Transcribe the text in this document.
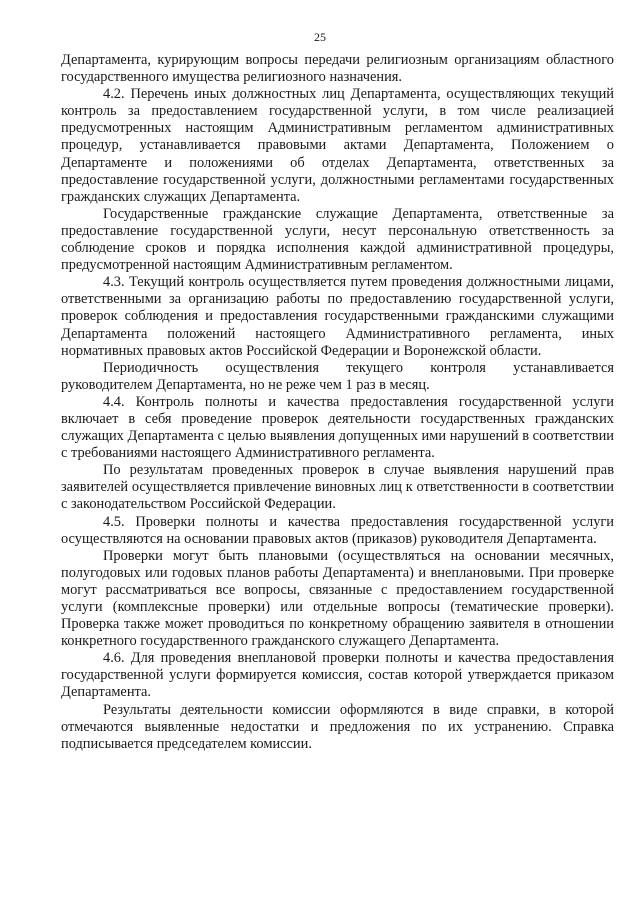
25

Департамента, курирующим вопросы передачи религиозным организациям областного государственного имущества религиозного назначения.

4.2. Перечень иных должностных лиц Департамента, осуществляющих текущий контроль за предоставлением государственной услуги, в том числе реализацией предусмотренных настоящим Административным регламентом административных процедур, устанавливается правовыми актами Департамента, Положением о Департаменте и положениями об отделах Департамента, ответственных за предоставление государственной услуги, должностными регламентами государственных гражданских служащих Департамента.

Государственные гражданские служащие Департамента, ответственные за предоставление государственной услуги, несут персональную ответственность за соблюдение сроков и порядка исполнения каждой административной процедуры, предусмотренной настоящим Административным регламентом.

4.3. Текущий контроль осуществляется путем проведения должностными лицами, ответственными за организацию работы по предоставлению государственной услуги, проверок соблюдения и предоставления государственными гражданскими служащими Департамента положений настоящего Административного регламента, иных нормативных правовых актов Российской Федерации и Воронежской области.

Периодичность осуществления текущего контроля устанавливается руководителем Департамента, но не реже чем 1 раз в месяц.

4.4. Контроль полноты и качества предоставления государственной услуги включает в себя проведение проверок деятельности государственных гражданских служащих Департамента с целью выявления допущенных ими нарушений в соответствии с требованиями настоящего Административного регламента.

По результатам проведенных проверок в случае выявления нарушений прав заявителей осуществляется привлечение виновных лиц к ответственности в соответствии с законодательством Российской Федерации.

4.5. Проверки полноты и качества предоставления государственной услуги осуществляются на основании правовых актов (приказов) руководителя Департамента.

Проверки могут быть плановыми (осуществляться на основании месячных, полугодовых или годовых планов работы Департамента) и внеплановыми. При проверке могут рассматриваться все вопросы, связанные с предоставлением государственной услуги (комплексные проверки) или отдельные вопросы (тематические проверки). Проверка также может проводиться по конкретному обращению заявителя в отношении конкретного государственного гражданского служащего Департамента.

4.6. Для проведения внеплановой проверки полноты и качества предоставления государственной услуги формируется комиссия, состав которой утверждается приказом Департамента.

Результаты деятельности комиссии оформляются в виде справки, в которой отмечаются выявленные недостатки и предложения по их устранению. Справка подписывается председателем комиссии.
